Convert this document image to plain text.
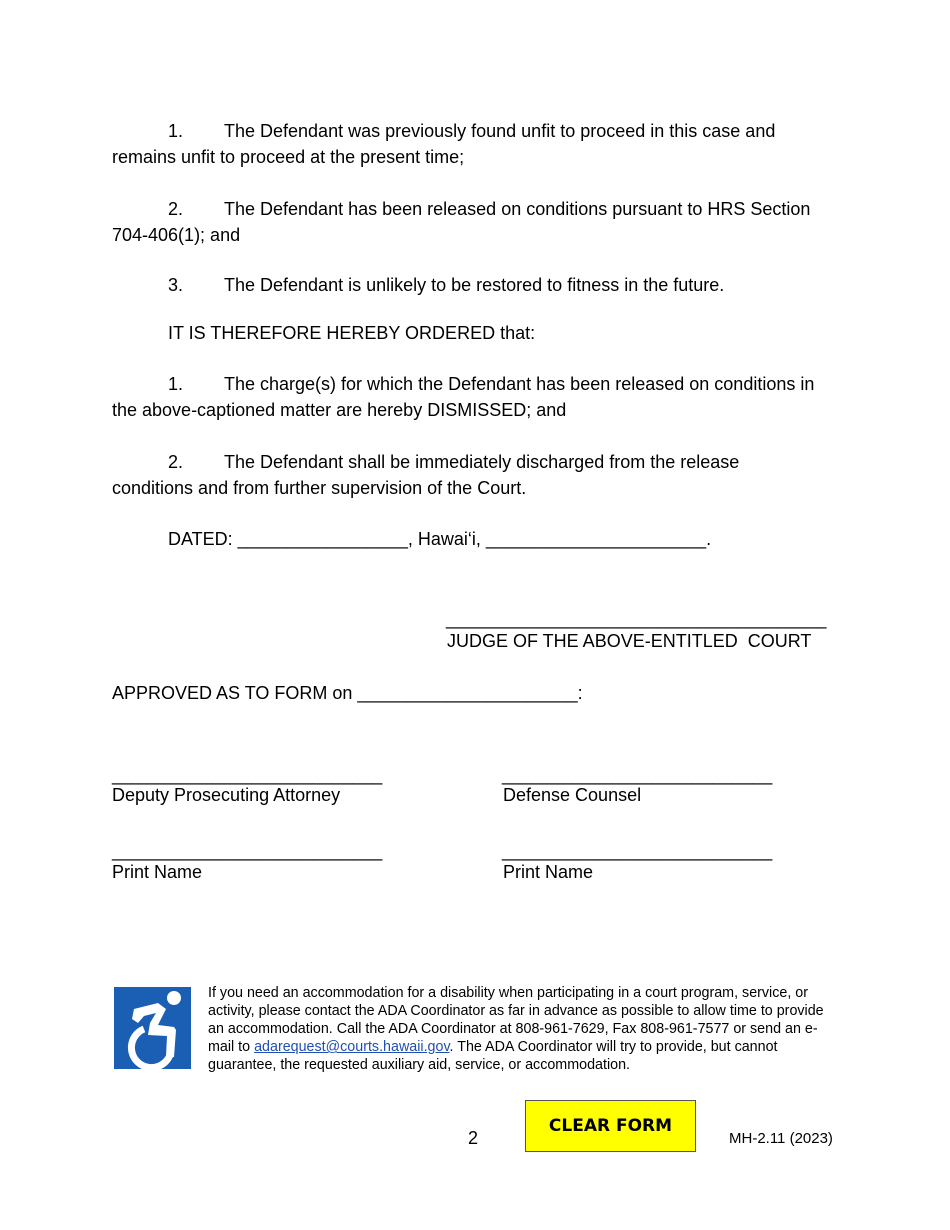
1. The Defendant was previously found unfit to proceed in this case and
remains unfit to proceed at the present time;

2. The Defendant has been released on conditions pursuant to HRS Section
704-406(1); and

3. The Defendant is unlikely to be restored to fitness in the future.

IT IS THEREFORE HEREBY ORDERED that:

1. The charge(s) for which the Defendant has been released on conditions in
the above-captioned matter are hereby DISMISSED; and

2. The Defendant shall be immediately discharged from the release
conditions and from further supervision of the Court.

DATED: _________________, Hawai‘i, ______________________.
______________________________________
JUDGE OF THE ABOVE-ENTITLED  COURT
APPROVED AS TO FORM on ______________________:
___________________________
Deputy Prosecuting Attorney
___________________________
Defense Counsel
___________________________
Print Name
___________________________
Print Name
If you need an accommodation for a disability when participating in a court program, service, or activity, please contact the ADA Coordinator as far in advance as possible to allow time to provide an accommodation. Call the ADA Coordinator at 808-961-7629, Fax 808-961-7577 or send an e-mail to adarequest@courts.hawaii.gov. The ADA Coordinator will try to provide, but cannot guarantee, the requested auxiliary aid, service, or accommodation.
2
CLEAR FORM
MH-2.11 (2023)
